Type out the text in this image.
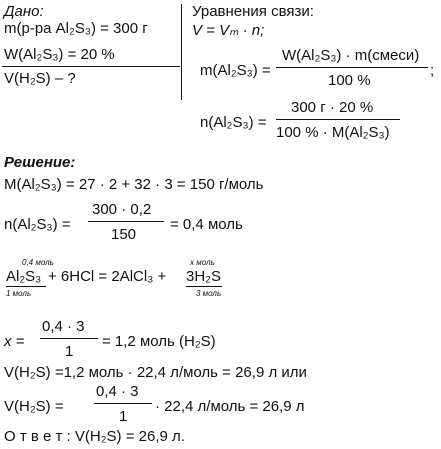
Дано:
m(р-ра Al₂S₃) = 300 г
W(Al₂S₃) = 20 %
V(H₂S) – ?
Уравнения связи:
V = Vₘ · n;
m(Al₂S₃) =
W(Al₂S₃) · m(смеси)
100 %
;
n(Al₂S₃) =
300 г · 20 %
100 % · M(Al₂S₃)
Решение:
M(Al₂S₃) = 27 · 2 + 32 · 3 = 150 г/моль
n(Al₂S₃) =
300 · 0,2
150
= 0,4 моль
0,4 моль
Al₂S₃
1 моль
+ 6HCl = 2AlCl₃ +
x моль
3H₂S
3 моль
x =
0,4 · 3
1
= 1,2 моль (H₂S)
V(H₂S) =1,2 моль · 22,4 л/моль = 26,9 л или
V(H₂S) =
0,4 · 3
1
· 22,4 л/моль = 26,9 л
О т в е т : V(H₂S) = 26,9 л.
